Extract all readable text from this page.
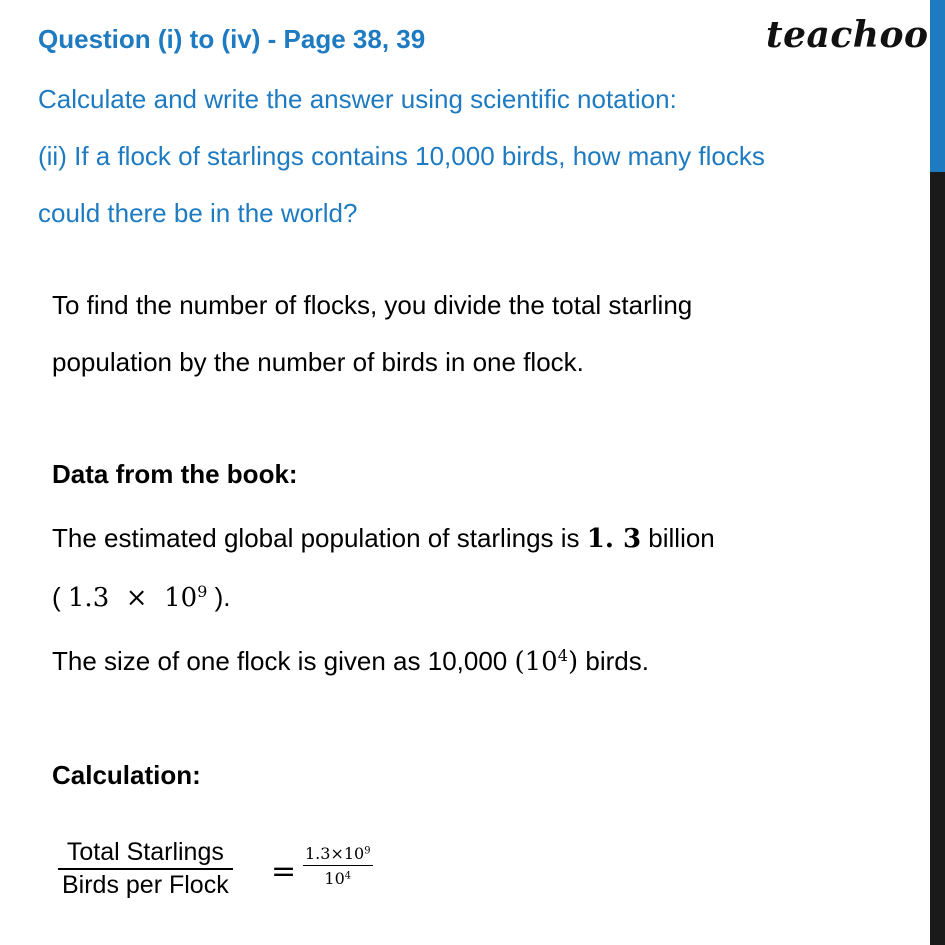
Question (i) to (iv) - Page 38, 39	teachoo
Calculate and write the answer using scientific notation:
(ii) If a flock of starlings contains 10,000 birds, how many flocks
could there be in the world?
To find the number of flocks, you divide the total starling
population by the number of birds in one flock.
Data from the book:
The estimated global population of starlings is 1. 3 billion
( $1.3 \times 10^9$ ).
The size of one flock is given as 10,000 $(10^4)$ birds.
Calculation:
Total Starlings
Birds per Flock =
$1.3\times 10^9$
$10^4$
